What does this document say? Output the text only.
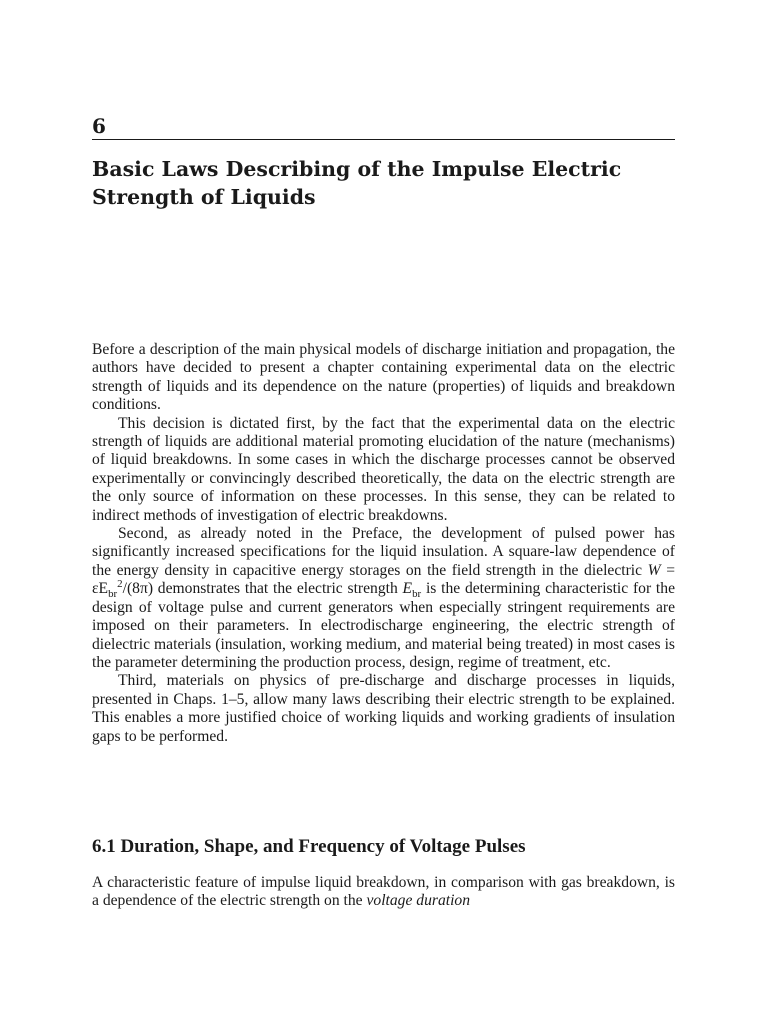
6
Basic Laws Describing of the Impulse Electric Strength of Liquids

Before a description of the main physical models of discharge initiation and propagation, the authors have decided to present a chapter containing experimental data on the electric strength of liquids and its dependence on the nature (properties) of liquids and breakdown conditions.

This decision is dictated first, by the fact that the experimental data on the electric strength of liquids are additional material promoting elucidation of the nature (mechanisms) of liquid breakdowns. In some cases in which the discharge processes cannot be observed experimentally or convincingly described theoretically, the data on the electric strength are the only source of information on these processes. In this sense, they can be related to indirect methods of investigation of electric breakdowns.

Second, as already noted in the Preface, the development of pulsed power has significantly increased specifications for the liquid insulation. A square-law dependence of the energy density in capacitive energy storages on the field strength in the dielectric $W = \varepsilon E_{br}^2/(8\pi)$ demonstrates that the electric strength $E_{br}$ is the determining characteristic for the design of voltage pulse and current generators when especially stringent requirements are imposed on their parameters. In electrodischarge engineering, the electric strength of dielectric materials (insulation, working medium, and material being treated) in most cases is the parameter determining the production process, design, regime of treatment, etc.

Third, materials on physics of pre-discharge and discharge processes in liquids, presented in Chaps. 1–5, allow many laws describing their electric strength to be explained. This enables a more justified choice of working liquids and working gradients of insulation gaps to be performed.

6.1 Duration, Shape, and Frequency of Voltage Pulses

A characteristic feature of impulse liquid breakdown, in comparison with gas breakdown, is a dependence of the electric strength on the voltage duration
